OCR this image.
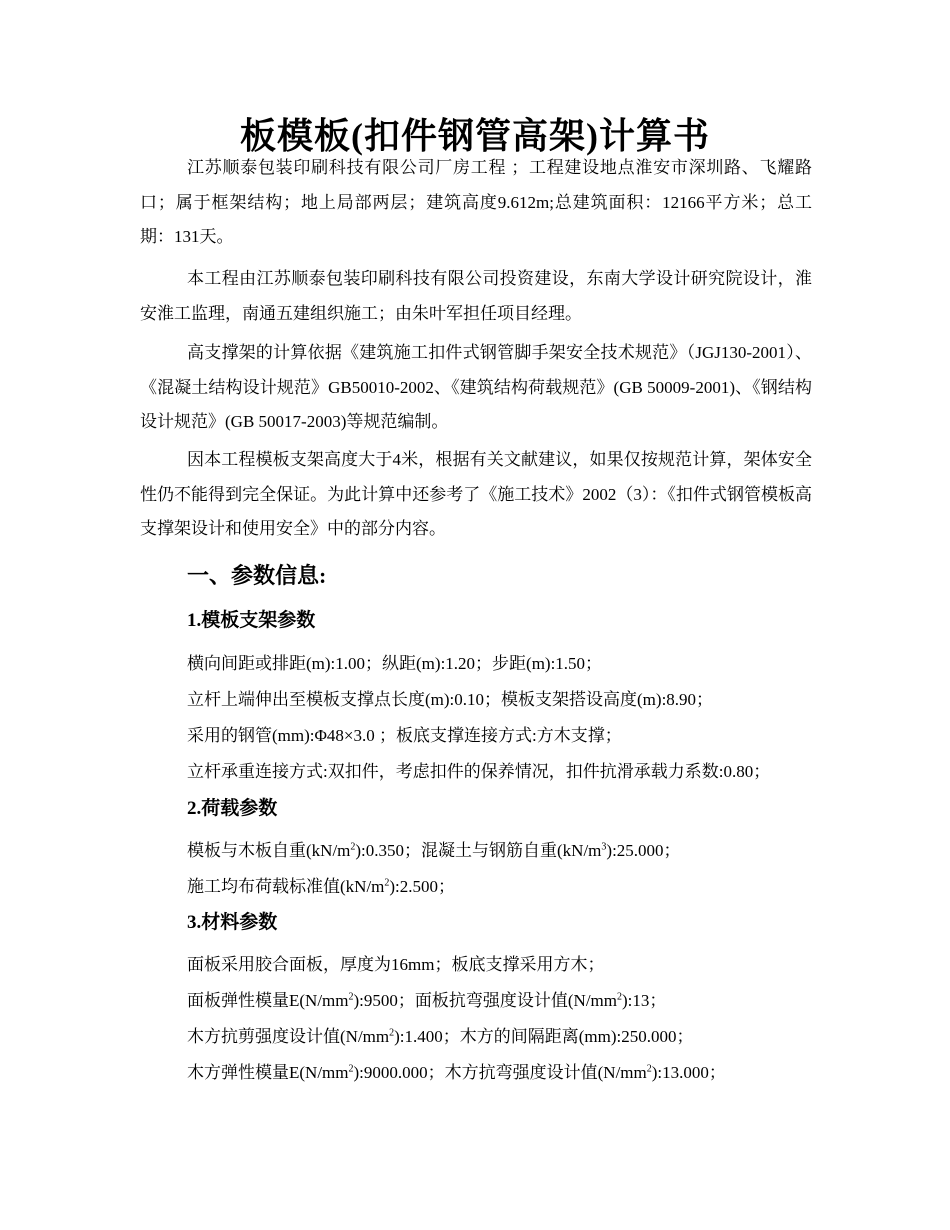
板模板(扣件钢管高架)计算书

江苏顺泰包装印刷科技有限公司厂房工程 ；工程建设地点淮安市深圳路、飞耀路口；属于框架结构；地上局部两层；建筑高度9.612m;总建筑面积：12166平方米；总工期：131天。

本工程由江苏顺泰包装印刷科技有限公司投资建设，东南大学设计研究院设计，淮安淮工监理，南通五建组织施工；由朱叶军担任项目经理。

高支撑架的计算依据《建筑施工扣件式钢管脚手架安全技术规范》（JGJ130-2001）、《混凝土结构设计规范》GB50010-2002、《建筑结构荷载规范》(GB 50009-2001)、《钢结构设计规范》(GB 50017-2003)等规范编制。

因本工程模板支架高度大于4米，根据有关文献建议，如果仅按规范计算，架体安全性仍不能得到完全保证。为此计算中还参考了《施工技术》2002（3）：《扣件式钢管模板高支撑架设计和使用安全》中的部分内容。

一、参数信息:
1.模板支架参数

横向间距或排距(m):1.00；纵距(m):1.20；步距(m):1.50；

立杆上端伸出至模板支撑点长度(m):0.10；模板支架搭设高度(m):8.90；

采用的钢管(mm):Φ48×3.0 ；板底支撑连接方式:方木支撑；

立杆承重连接方式:双扣件，考虑扣件的保养情况，扣件抗滑承载力系数:0.80；

2.荷载参数

模板与木板自重$(kN/m^2):0.350$；混凝土与钢筋自重$(kN/m^3):25.000$；

施工均布荷载标准值$(kN/m^2):2.500$；

3.材料参数

面板采用胶合面板，厚度为16mm；板底支撑采用方木；

面板弹性模量$E(N/mm^2):9500$；面板抗弯强度设计值$(N/mm^2):13$；

木方抗剪强度设计值$(N/mm^2):1.400$；木方的间隔距离(mm):250.000；

木方弹性模量$E(N/mm^2):9000.000$；木方抗弯强度设计值$(N/mm^2):13.000$；
